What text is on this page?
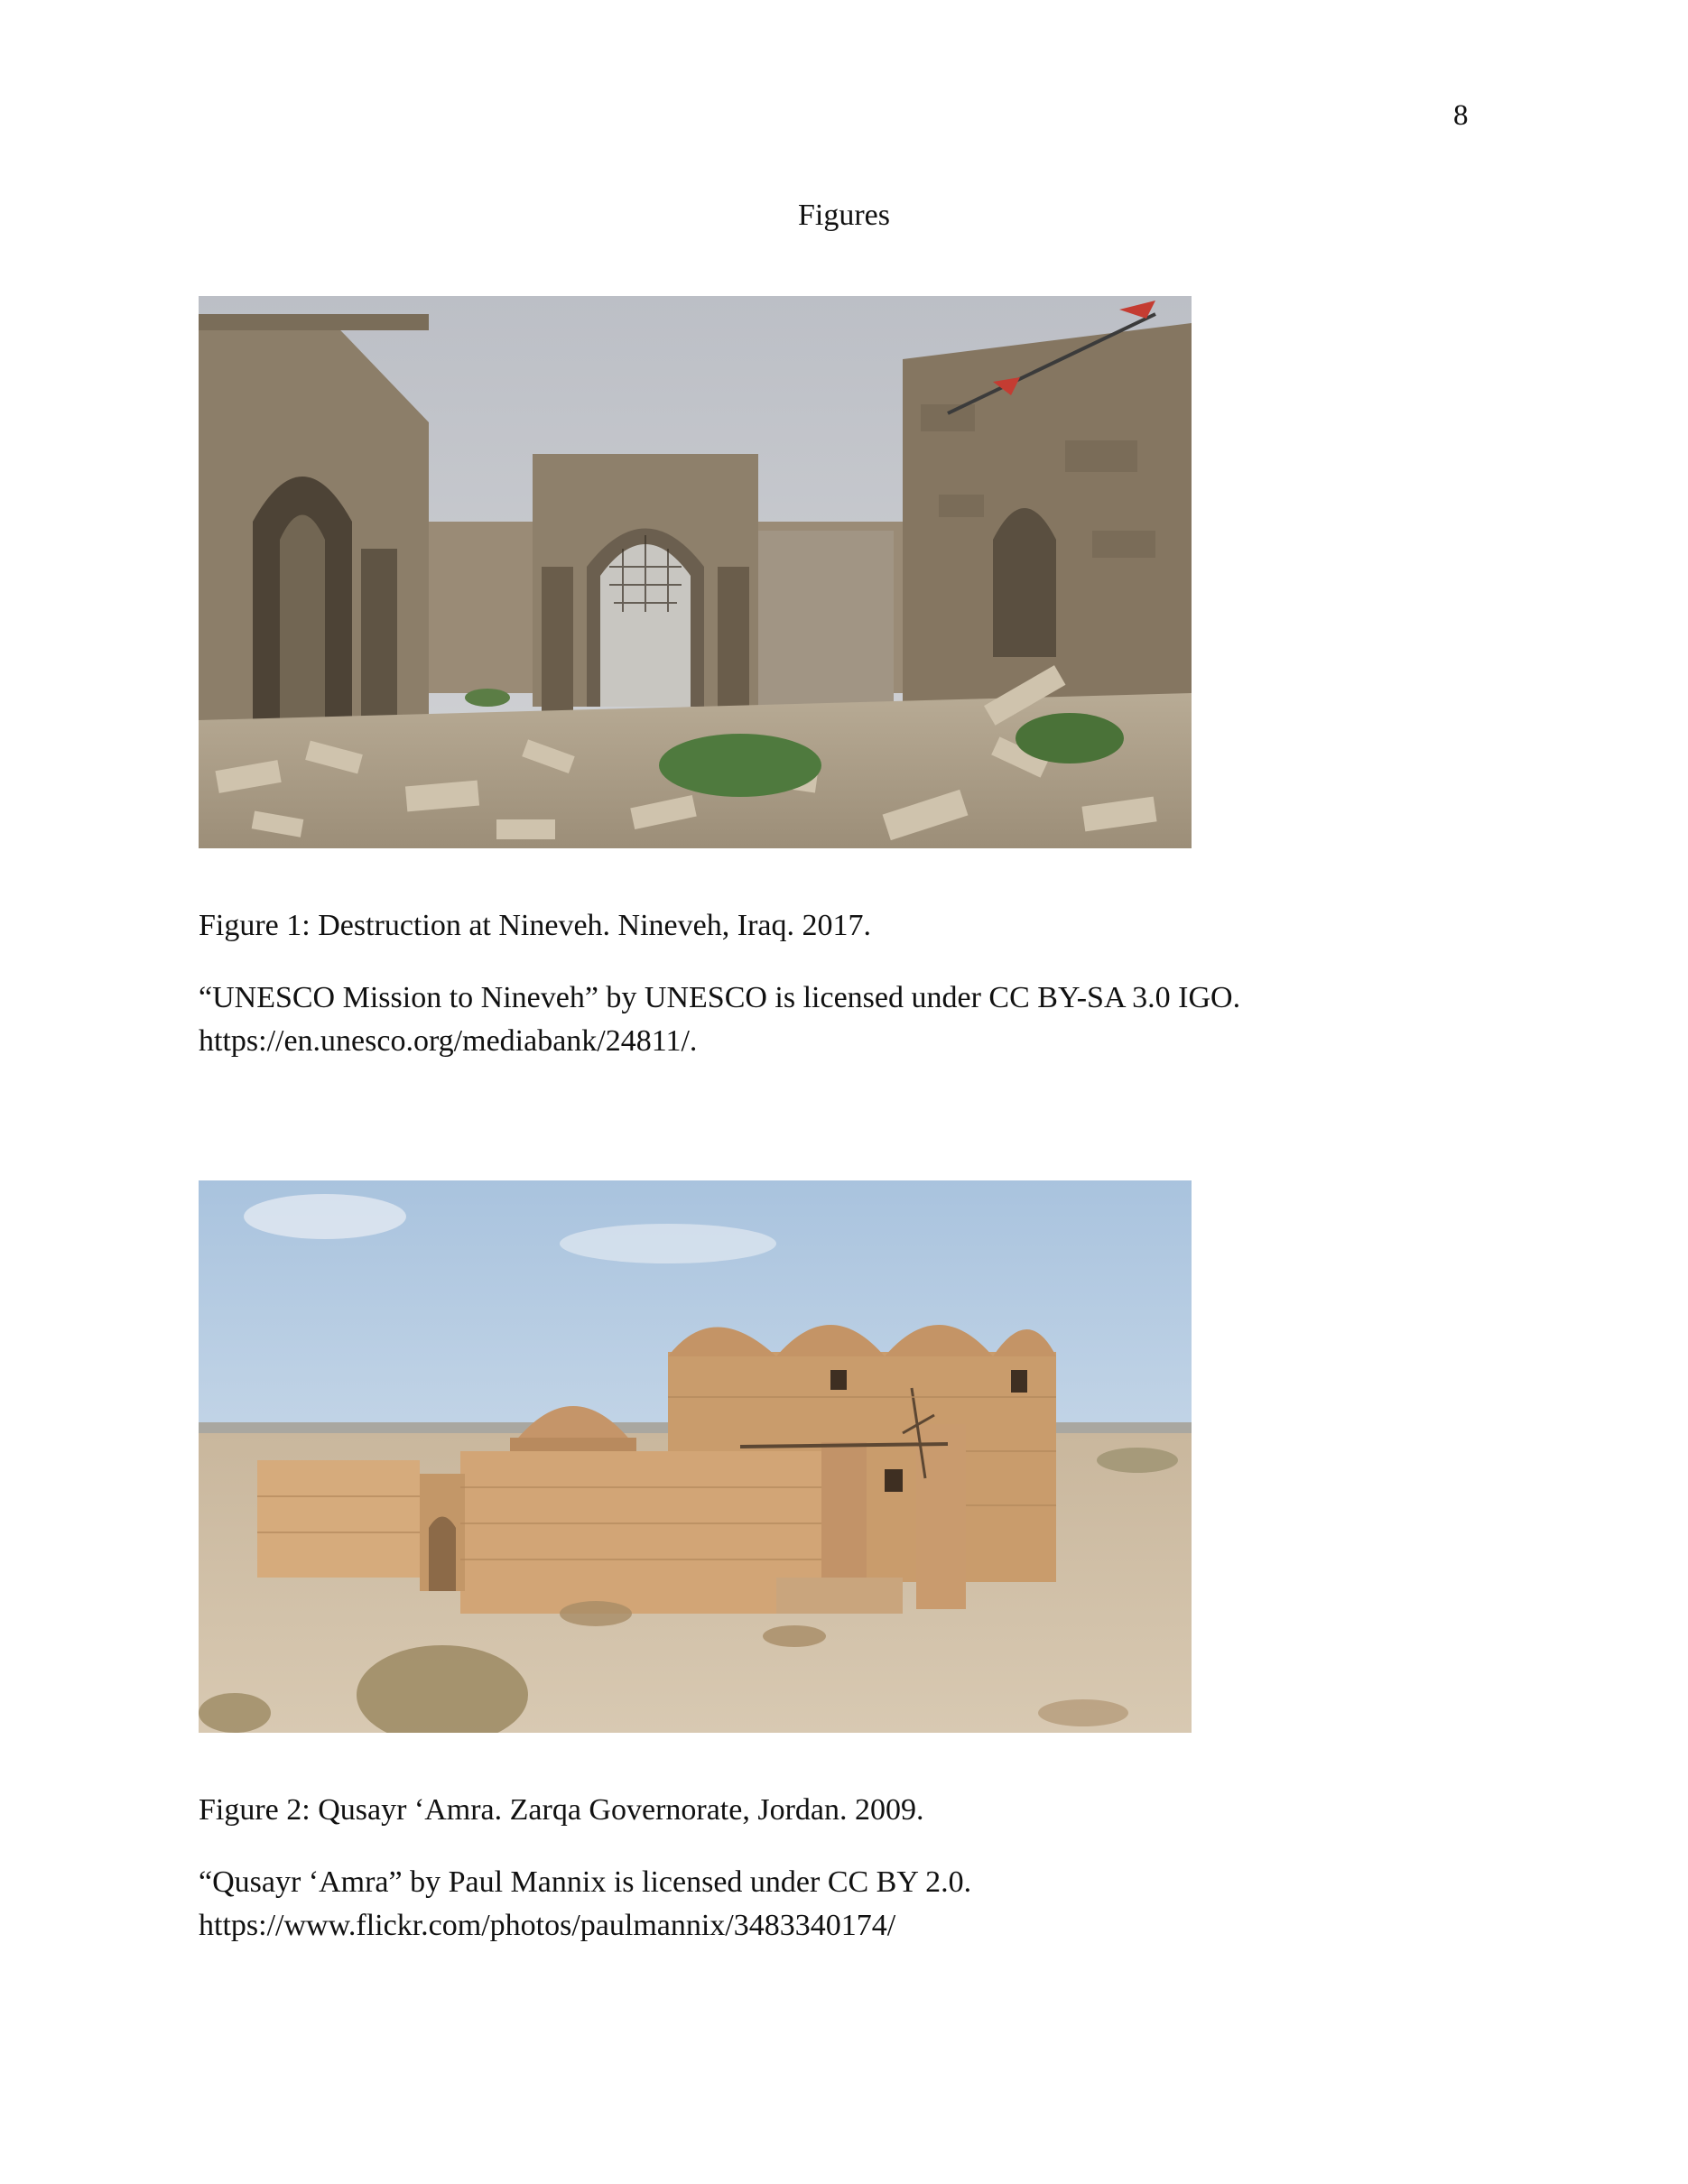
8
Figures
Figure 1: Destruction at Nineveh. Nineveh, Iraq. 2017.
“UNESCO Mission to Nineveh” by UNESCO is licensed under CC BY-SA 3.0 IGO.
https://en.unesco.org/mediabank/24811/.
Figure 2: Qusayr ‘Amra. Zarqa Governorate, Jordan. 2009.
“Qusayr ‘Amra” by Paul Mannix is licensed under CC BY 2.0.
https://www.flickr.com/photos/paulmannix/3483340174/
